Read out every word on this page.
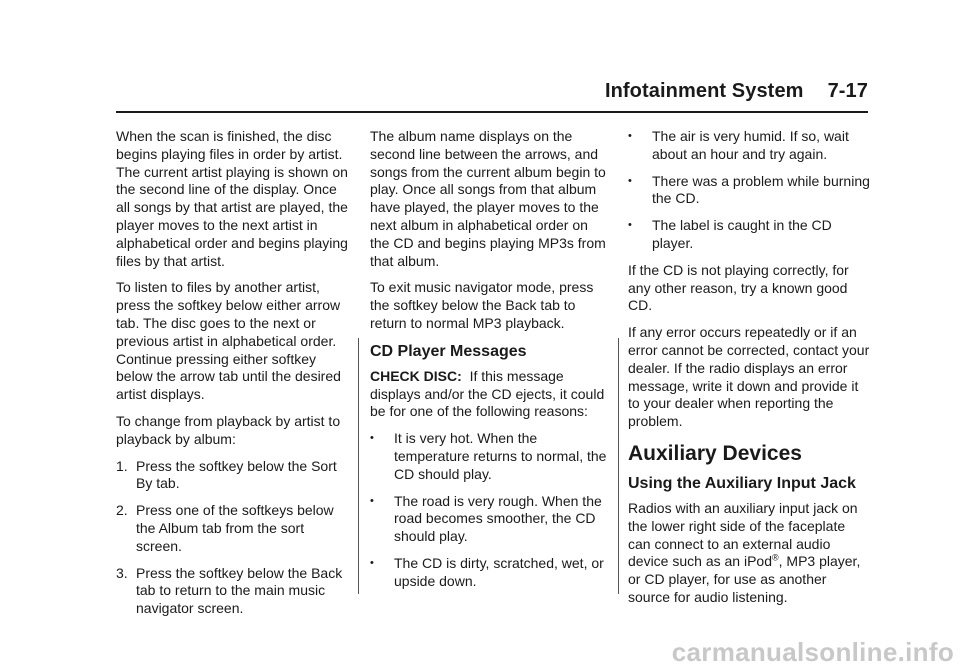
Infotainment System 7-17

When the scan is finished, the disc begins playing files in order by artist. The current artist playing is shown on the second line of the display. Once all songs by that artist are played, the player moves to the next artist in alphabetical order and begins playing files by that artist.

To listen to files by another artist, press the softkey below either arrow tab. The disc goes to the next or previous artist in alphabetical order. Continue pressing either softkey below the arrow tab until the desired artist displays.

To change from playback by artist to playback by album:

1. Press the softkey below the Sort By tab.
2. Press one of the softkeys below the Album tab from the sort screen.
3. Press the softkey below the Back tab to return to the main music navigator screen.

The album name displays on the second line between the arrows, and songs from the current album begin to play. Once all songs from that album have played, the player moves to the next album in alphabetical order on the CD and begins playing MP3s from that album.

To exit music navigator mode, press the softkey below the Back tab to return to normal MP3 playback.

CD Player Messages

CHECK DISC: If this message displays and/or the CD ejects, it could be for one of the following reasons:

•	It is very hot. When the temperature returns to normal, the CD should play.
•	The road is very rough. When the road becomes smoother, the CD should play.
•	The CD is dirty, scratched, wet, or upside down.
•	The air is very humid. If so, wait about an hour and try again.
•	There was a problem while burning the CD.
•	The label is caught in the CD player.

If the CD is not playing correctly, for any other reason, try a known good CD.

If any error occurs repeatedly or if an error cannot be corrected, contact your dealer. If the radio displays an error message, write it down and provide it to your dealer when reporting the problem.

Auxiliary Devices
Using the Auxiliary Input Jack

Radios with an auxiliary input jack on the lower right side of the faceplate can connect to an external audio device such as an iPod®, MP3 player, or CD player, for use as another source for audio listening.

carmanualsonline.info
